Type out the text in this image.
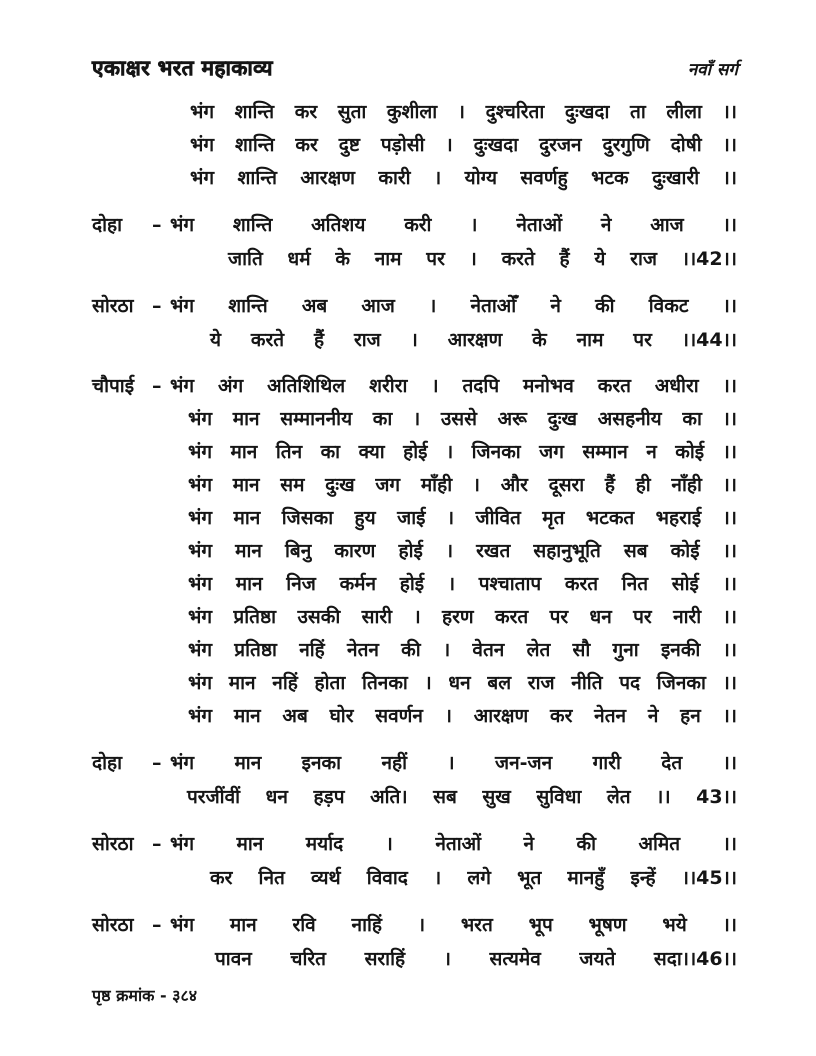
एकाक्षर भरत महाकाव्य	नवाँ सर्ग
भंग शान्ति कर सुता कुशीला । दुश्चरिता दुःखदा ता लीला ।।
भंग शान्ति कर दुष्ट पड़ोसी । दुःखदा दुरजन दुरगुणि दोषी ।।
भंग शान्ति आरक्षण कारी । योग्य सवर्णहु भटक दुःखारी ।।
दोहा	– भंग शान्ति अतिशय करी । नेताओं ने आज ।।
जाति धर्म के नाम पर । करते हैं ये राज ।।42।।
सोरठा – भंग शान्ति अब आज । नेताओँ ने की विकट ।।
ये करते हैं राज । आरक्षण के नाम पर ।।44।।
चौपाई – भंग अंग अतिशिथिल शरीरा । तदपि मनोभव करत अधीरा ।।
भंग मान सम्माननीय का । उससे अरू दुःख असहनीय का ।।
भंग मान तिन का क्या होई । जिनका जग सम्मान न कोई ।।
भंग मान सम दुःख जग माँही । और दूसरा हैं ही नाँही ।।
भंग मान जिसका हुय जाई । जीवित मृत भटकत भहराई ।।
भंग मान बिनु कारण होई । रखत सहानुभूति सब कोई ।।
भंग मान निज कर्मन होई । पश्चाताप करत नित सोई ।।
भंग प्रतिष्ठा उसकी सारी । हरण करत पर धन पर नारी ।।
भंग प्रतिष्ठा नहिं नेतन की । वेतन लेत सौ गुना इनकी ।।
भंग मान नहिं होता तिनका । धन बल राज नीति पद जिनका ।।
भंग मान अब घोर सवर्णन । आरक्षण कर नेतन ने हन ।।
दोहा	– भंग मान इनका नहीं । जन-जन गारी देत ।।
परजींवीं धन हड़प अति। सब सुख सुविधा लेत ।। 43।।
सोरठा – भंग मान मर्याद । नेताओं ने की अमित ।।
कर नित व्यर्थ विवाद । लगे भूत मानहुँ इन्हें ।।45।।
सोरठा – भंग मान रवि नाहिं । भरत भूप भूषण भये ।।
पावन चरित सराहिं । सत्यमेव जयते सदा।।46।।
पृष्ठ क्रमांक - ३८४
